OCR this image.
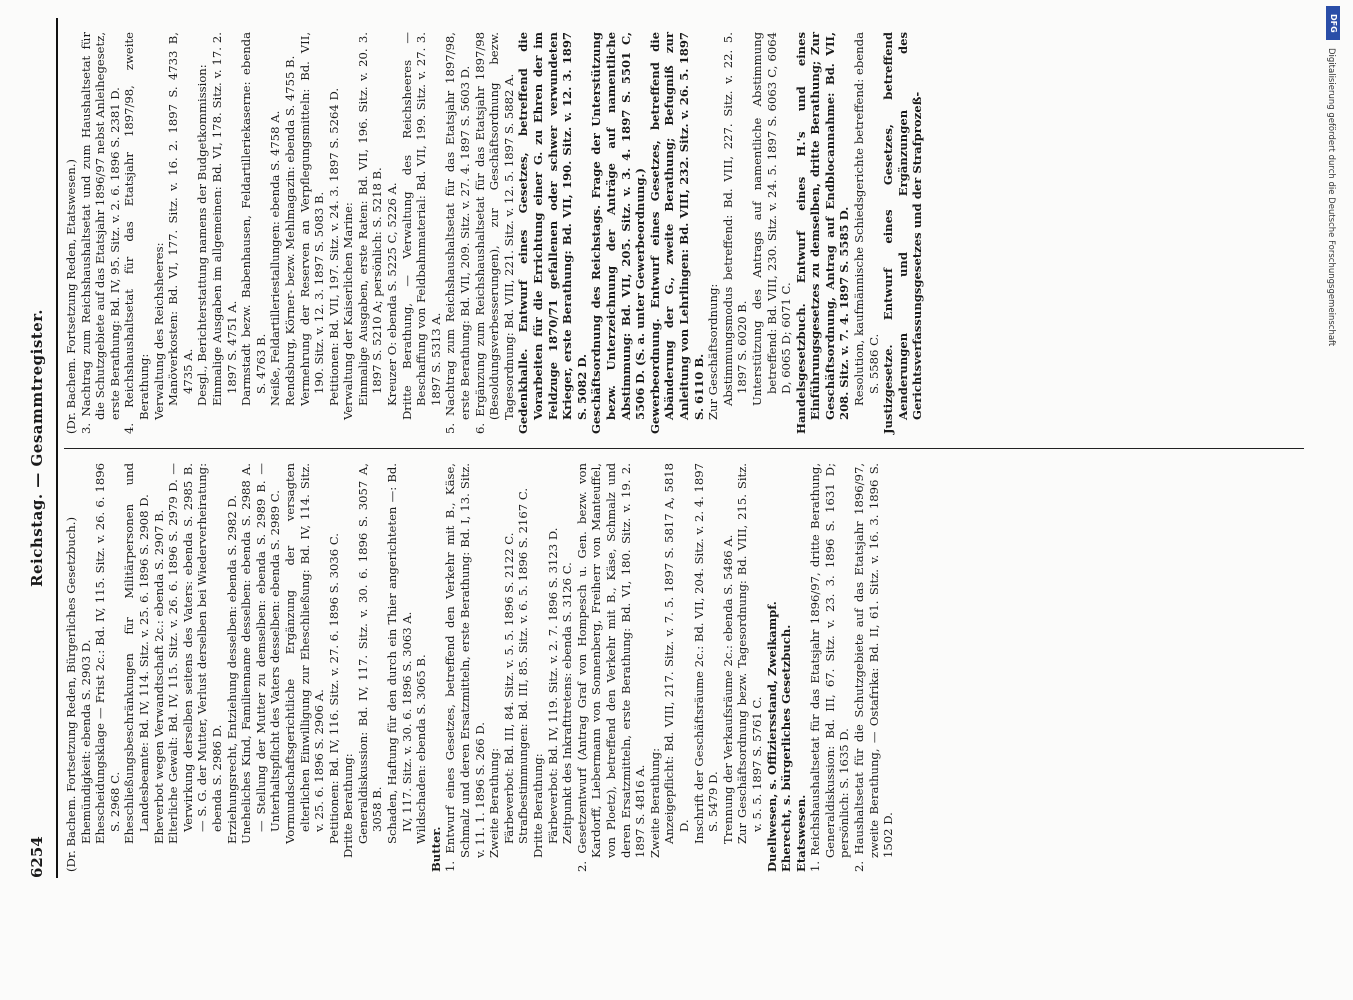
6254
Reichstag. — Gesammtregister.

(Dr. Bachem. Fortsetzung Reden, Bürgerliches Gesetzbuch.) Ehemündigkeit: ebenda S. 2903 D. Ehescheidungsklage — Frist 2c.: Bd. IV, 115. Sitz. v. 26. 6. 1896 S. 2968 C. Eheschließungsbeschränkungen für Militärpersonen und Landesbeamte: Bd. IV, 114. Sitz. v. 25. 6. 1896 S. 2908 D. Eheverbot wegen Verwandtschaft 2c.: ebenda S. 2907 B. Elterliche Gewalt: Bd. IV, 115. Sitz. v. 26. 6. 1896 S. 2979 D. — Verwirkung derselben seitens des Vaters: ebenda S. 2985 B. — S. G. der Mutter, Verlust derselben bei Wiederverheiratung: ebenda S. 2986 D. Erziehungsrecht, Entziehung desselben: ebenda S. 2982 D. Uneheliches Kind, Familienname desselben: ebenda S. 2988 A. — Stellung der Mutter zu demselben: ebenda S. 2989 B. — Unterhaltspflicht des Vaters desselben: ebenda S. 2989 C. Vormundschaftsgerichtliche Ergänzung der versagten elterlichen Einwilligung zur Eheschließung: Bd. IV, 114. Sitz. v. 25. 6. 1896 S. 2906 A. Petitionen: Bd. IV, 116. Sitz. v. 27. 6. 1896 S. 3036 C. Dritte Berathung: Generaldiskussion: Bd. IV, 117. Sitz. v. 30. 6. 1896 S. 3057 A, 3058 B. Schaden, Haftung für den durch ein Thier angerichteten —: Bd. IV, 117. Sitz. v. 30. 6. 1896 S. 3063 A. Wildschaden: ebenda S. 3065 B.

Butter. 1. Entwurf eines Gesetzes, betreffend den Verkehr mit B., Käse, Schmalz und deren Ersatzmitteln, erste Berathung: Bd. I, 13. Sitz. v. 11. 1. 1896 S. 266 D. Zweite Berathung: Färbeverbot: Bd. III, 84. Sitz. v. 5. 5. 1896 S. 2122 C. Strafbestimmungen: Bd. III, 85. Sitz. v. 6. 5. 1896 S. 2167 C. Dritte Berathung: Färbeverbot: Bd. IV, 119. Sitz. v. 2. 7. 1896 S. 3123 D. Zeitpunkt des Inkrafttretens: ebenda S. 3126 C. 2. Gesetzentwurf (Antrag Graf von Hompesch u. Gen. bezw. von Kardorff, Liebermann von Sonnenberg, Freiherr von Manteuffel, von Ploetz), betreffend den Verkehr mit B., Käse, Schmalz und deren Ersatzmitteln, erste Berathung: Bd. VI, 180. Sitz. v. 19. 2. 1897 S. 4816 A. Zweite Berathung: Anzeigepflicht: Bd. VIII, 217. Sitz. v. 7. 5. 1897 S. 5817 A, 5818 D. Inschrift der Geschäftsräume 2c.: Bd. VII, 204. Sitz. v. 2. 4. 1897 S. 5479 D. Trennung der Verkaufsräume 2c.: ebenda S. 5486 A. Zur Geschäftsordnung bezw. Tagesordnung: Bd. VIII, 215. Sitz. v. 5. 5. 1897 S. 5761 C. Duellwesen, s. Offiziersstand, Zweikampf. Eherecht, s. bürgerliches Gesetzbuch. Etatswesen. 1. Reichshaushaltsetat für das Etatsjahr 1896/97, dritte Berathung, Generaldiskussion: Bd. III, 67. Sitz. v. 23. 3. 1896 S. 1631 D; persönlich: S. 1635 D. 2. Haushaltsetat für die Schutzgebiete auf das Etatsjahr 1896/97, zweite Berathung, — Ostafrika: Bd. II, 61. Sitz. v. 16. 3. 1896 S. 1502 D.

(Dr. Bachem. Fortsetzung Reden, Etatswesen.) 3. Nachtrag zum Reichshaushaltsetat und zum Haushaltsetat für die Schutzgebiete auf das Etatsjahr 1896/97 nebst Anleihegesetz, erste Berathung: Bd. IV, 95. Sitz. v. 2. 6. 1896 S. 2381 D. 4. Reichshaushaltsetat für das Etatsjahr 1897/98, zweite Berathung: Verwaltung des Reichsheeres: Manöverkosten: Bd. VI, 177. Sitz. v. 16. 2. 1897 S. 4733 B, 4735 A. Desgl., Berichterstattung namens der Budgetkommission: Einmalige Ausgaben im allgemeinen: Bd. VI, 178. Sitz. v. 17. 2. 1897 S. 4751 A. Darmstadt bezw. Babenhausen, Feldartilleriekaserne: ebenda S. 4763 B. Neiße, Feldartilleriestallungen: ebenda S. 4758 A. Rendsburg, Körner- bezw. Mehlmagazin: ebenda S. 4755 B. Vermehrung der Reserven an Verpflegungsmitteln: Bd. VII, 190. Sitz. v. 12. 3. 1897 S. 5083 B. Petitionen: Bd. VII, 197. Sitz. v. 24. 3. 1897 S. 5264 D. Verwaltung der Kaiserlichen Marine: Einmalige Ausgaben, erste Raten: Bd. VII, 196. Sitz. v. 20. 3. 1897 S. 5210 A; persönlich: S. 5218 B. Kreuzer O: ebenda S. 5225 C, 5226 A. Dritte Berathung, — Verwaltung des Reichsheeres — Beschaffung von Feldbahnmaterial: Bd. VII, 199. Sitz. v. 27. 3. 1897 S. 5313 A. 5. Nachtrag zum Reichshaushaltsetat für das Etatsjahr 1897/98, erste Berathung: Bd. VII, 209. Sitz. v. 27. 4. 1897 S. 5603 D. 6. Ergänzung zum Reichshaushaltsetat für das Etatsjahr 1897/98 (Besoldungsverbesserungen), zur Geschäftsordnung bezw. Tagesordnung: Bd. VIII, 221. Sitz. v. 12. 5. 1897 S. 5882 A. Gedenkhalle. Entwurf eines Gesetzes, betreffend die Vorarbeiten für die Errichtung einer G. zu Ehren der im Feldzuge 1870/71 gefallenen oder schwer verwundeten Krieger, erste Berathung: Bd. VII, 190. Sitz. v. 12. 3. 1897 S. 5082 D. Geschäftsordnung des Reichstags. Frage der Unterstützung bezw. Unterzeichnung der Anträge auf namentliche Abstimmung: Bd. VII, 205. Sitz. v. 3. 4. 1897 S. 5501 C, 5506 D. (S. a. unter Gewerbeordnung.) Gewerbeordnung. Entwurf eines Gesetzes, betreffend die Abänderung der G., zweite Berathung; Befugniß zur Anleitung von Lehrlingen: Bd. VIII, 232. Sitz. v. 26. 5. 1897 S. 6110 B. Zur Geschäftsordnung: Abstimmungsmodus betreffend: Bd. VIII, 227. Sitz. v. 22. 5. 1897 S. 6020 B. Unterstützung des Antrags auf namentliche Abstimmung betreffend: Bd. VIII, 230. Sitz. v. 24. 5. 1897 S. 6063 C, 6064 D, 6065 D; 6071 C. Handelsgesetzbuch. Entwurf eines H.'s und eines Einführungsgesetzes zu demselben, dritte Berathung; Zur Geschäftsordnung, Antrag auf Endblocannahme: Bd. VII, 208. Sitz. v. 7. 4. 1897 S. 5585 D. Resolution, kaufmännische Schiedsgerichte betreffend: ebenda S. 5586 C. Justizgesetze. Entwurf eines Gesetzes, betreffend Aenderungen und Ergänzungen des Gerichtsverfassungsgesetzes und der Strafprozeß-

DFG
Digitalisierung gefördert durch die Deutsche Forschungsgemeinschaft
